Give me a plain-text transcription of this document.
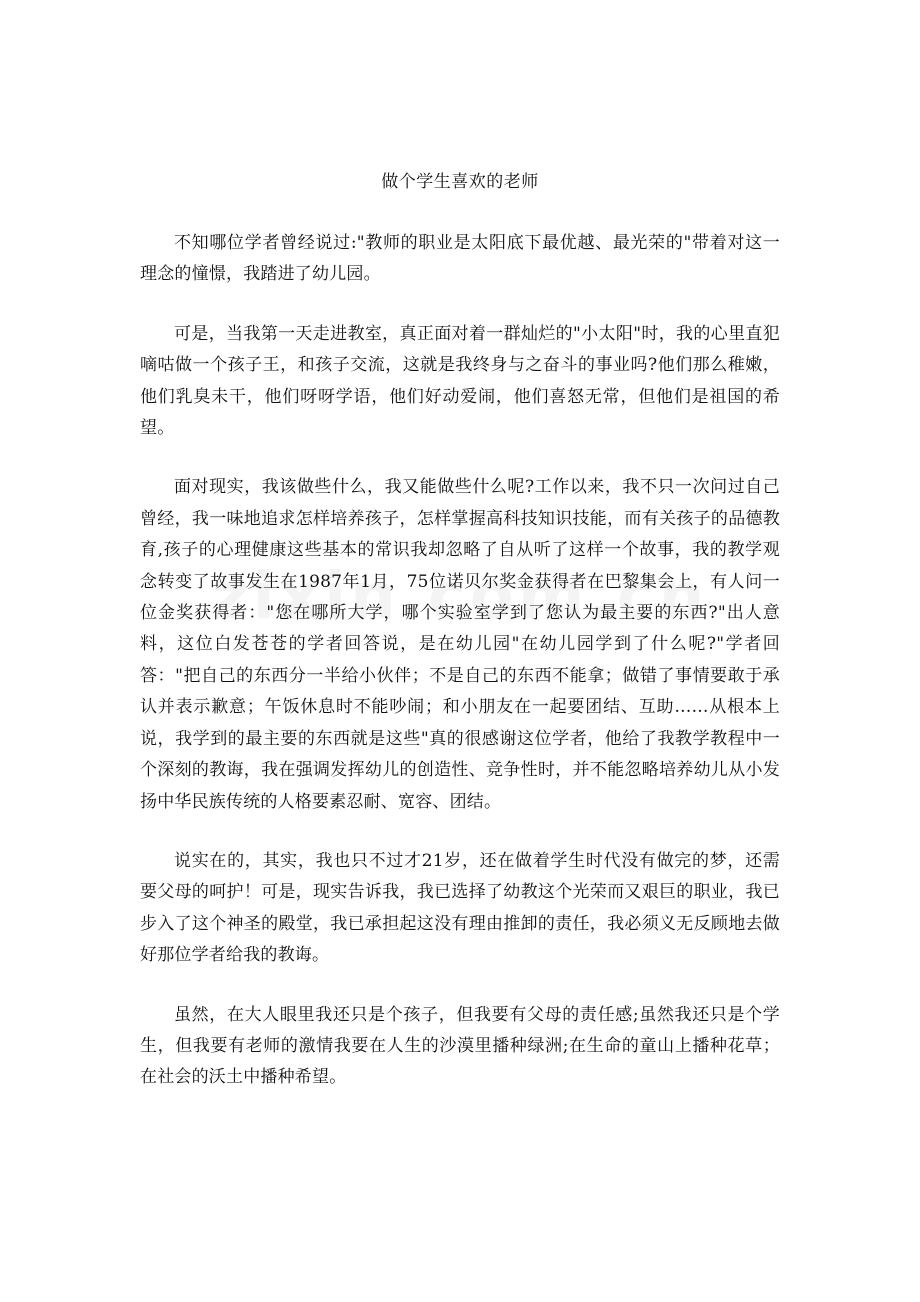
做个学生喜欢的老师

不知哪位学者曾经说过:"教师的职业是太阳底下最优越、最光荣的"带着对这一理念的憧憬，我踏进了幼儿园。

可是，当我第一天走进教室，真正面对着一群灿烂的"小太阳"时，我的心里直犯嘀咕做一个孩子王，和孩子交流，这就是我终身与之奋斗的事业吗?他们那么稚嫩，他们乳臭未干，他们呀呀学语，他们好动爱闹，他们喜怒无常，但他们是祖国的希望。

面对现实，我该做些什么，我又能做些什么呢?工作以来，我不只一次问过自己曾经，我一味地追求怎样培养孩子，怎样掌握高科技知识技能，而有关孩子的品德教育,孩子的心理健康这些基本的常识我却忽略了自从听了这样一个故事，我的教学观念转变了故事发生在1987年1月，75位诺贝尔奖金获得者在巴黎集会上，有人问一位金奖获得者："您在哪所大学，哪个实验室学到了您认为最主要的东西?"出人意料，这位白发苍苍的学者回答说，是在幼儿园"在幼儿园学到了什么呢?"学者回答："把自己的东西分一半给小伙伴；不是自己的东西不能拿；做错了事情要敢于承认并表示歉意；午饭休息时不能吵闹；和小朋友在一起要团结、互助……从根本上说，我学到的最主要的东西就是这些"真的很感谢这位学者，他给了我教学教程中一个深刻的教诲，我在强调发挥幼儿的创造性、竞争性时，并不能忽略培养幼儿从小发扬中华民族传统的人格要素忍耐、宽容、团结。

说实在的，其实，我也只不过才21岁，还在做着学生时代没有做完的梦，还需要父母的呵护！可是，现实告诉我，我已选择了幼教这个光荣而又艰巨的职业，我已步入了这个神圣的殿堂，我已承担起这没有理由推卸的责任，我必须义无反顾地去做好那位学者给我的教诲。

虽然，在大人眼里我还只是个孩子，但我要有父母的责任感;虽然我还只是个学生，但我要有老师的激情我要在人生的沙漠里播种绿洲;在生命的童山上播种花草；在社会的沃土中播种希望。
